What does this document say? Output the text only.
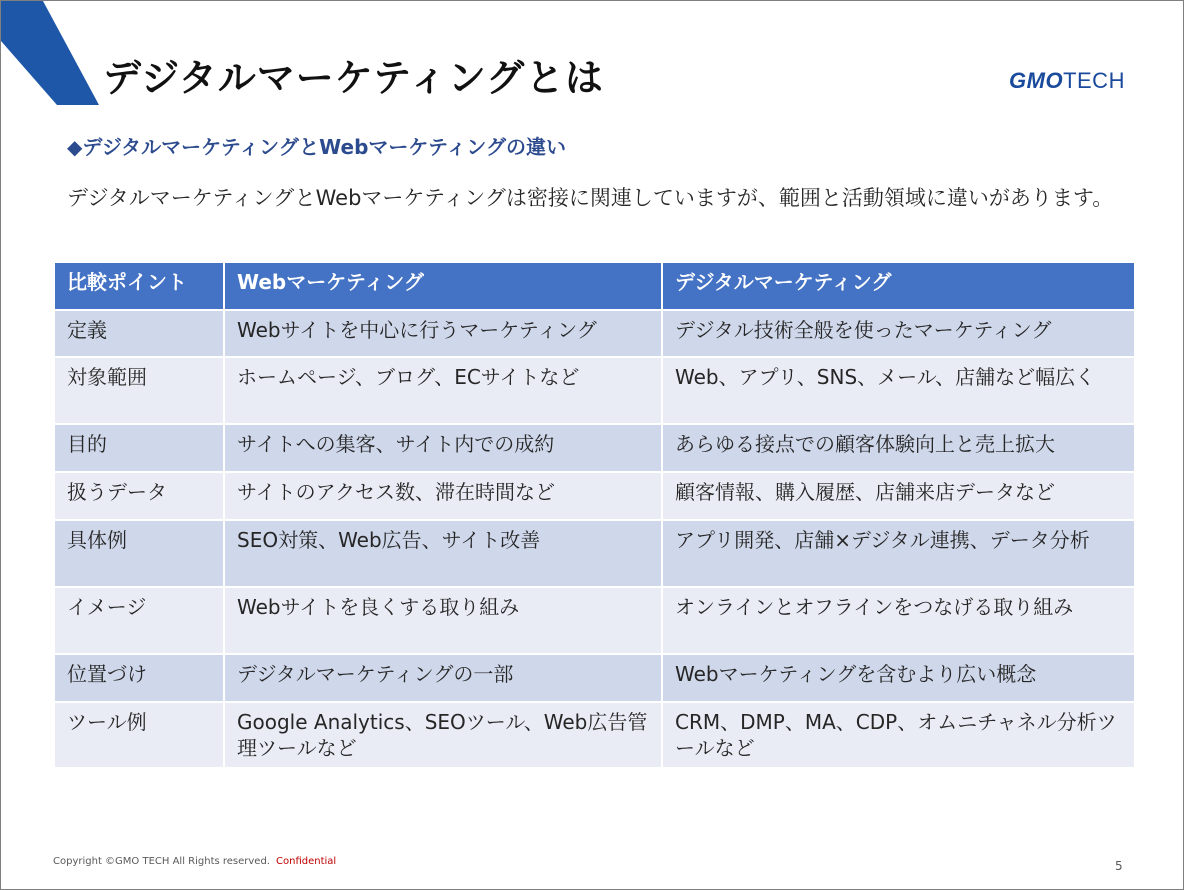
デジタルマーケティングとは	GMOTECH
◆デジタルマーケティングとWebマーケティングの違い
デジタルマーケティングとWebマーケティングは密接に関連していますが、範囲と活動領域に違いがあります。
比較ポイント	Webマーケティング	デジタルマーケティング
定義	Webサイトを中心に行うマーケティング	デジタル技術全般を使ったマーケティング
対象範囲	ホームページ、ブログ、ECサイトなど	Web、アプリ、SNS、メール、店舗など幅広く
目的	サイトへの集客、サイト内での成約	あらゆる接点での顧客体験向上と売上拡大
扱うデータ	サイトのアクセス数、滞在時間など	顧客情報、購入履歴、店舗来店データなど
具体例	SEO対策、Web広告、サイト改善	アプリ開発、店舗×デジタル連携、データ分析
イメージ	Webサイトを良くする取り組み	オンラインとオフラインをつなげる取り組み
位置づけ	デジタルマーケティングの一部	Webマーケティングを含むより広い概念
ツール例	Google Analytics、SEOツール、Web広告管理ツールなど	CRM、DMP、MA、CDP、オムニチャネル分析ツールなど
Copyright ©GMO TECH All Rights reserved. Confidential	5
